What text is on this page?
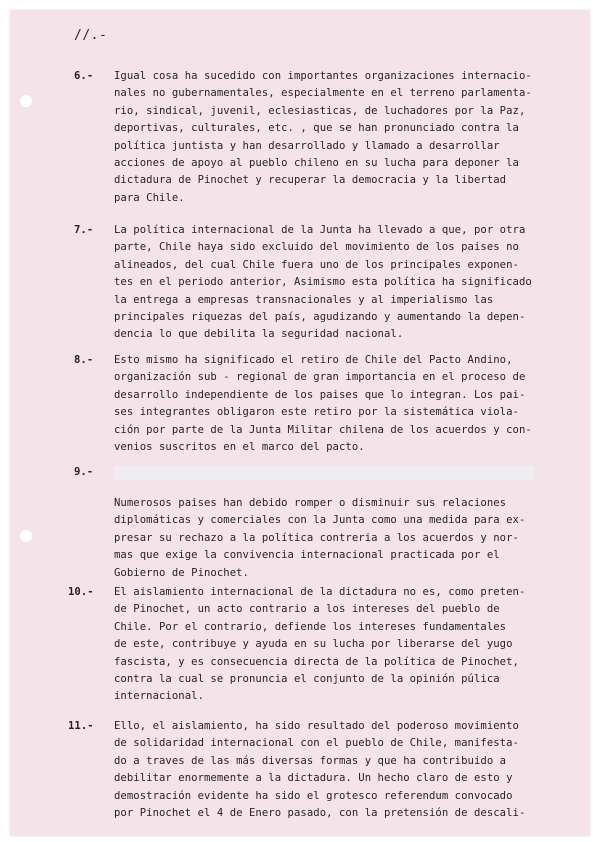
//.-
6.- Igual cosa ha sucedido con importantes organizaciones internacio-
nales no gubernamentales, especialmente en el terreno parlamenta-
rio, sindical, juvenil, eclesiasticas, de luchadores por la Paz,
deportivas, culturales, etc. , que se han pronunciado contra la
política juntista y han desarrollado y llamado a desarrollar
acciones de apoyo al pueblo chileno en su lucha para deponer la
dictadura de Pinochet y recuperar la democracia y la libertad
para Chile.
7.- La política internacional de la Junta ha llevado a que, por otra
parte, Chile haya sido excluido del movimiento de los paises no
alineados, del cual Chile fuera uno de los principales exponen-
tes en el periodo anterior, Asimismo esta política ha significado
la entrega a empresas transnacionales y al imperialismo las
principales riquezas del país, agudizando y aumentando la depen-
dencia lo que debilita la seguridad nacional.
8.- Esto mismo ha significado el retiro de Chile del Pacto Andino,
organización sub - regional de gran importancia en el proceso de
desarrollo independiente de los paises que lo integran. Los pai-
ses integrantes obligaron este retiro por la sistemática viola-
ción por parte de la Junta Militar chilena de los acuerdos y con-
venios suscritos en el marco del pacto.
9.-
Numerosos paises han debido romper o disminuir sus relaciones
diplomáticas y comerciales con la Junta como una medida para ex-
presar su rechazo a la política contreria a los acuerdos y nor-
mas que exige la convivencia internacional practicada por el
Gobierno de Pinochet.
10.- El aislamiento internacional de la dictadura no es, como preten-
de Pinochet, un acto contrario a los intereses del pueblo de
Chile. Por el contrario, defiende los intereses fundamentales
de este, contribuye y ayuda en su lucha por liberarse del yugo
fascista, y es consecuencia directa de la política de Pinochet,
contra la cual se pronuncia el conjunto de la opinión púlica
internacional.
11.- Ello, el aislamiento, ha sido resultado del poderoso movimiento
de solidaridad internacional con el pueblo de Chile, manifesta-
do a traves de las más diversas formas y que ha contribuido a
debilitar enormemente a la dictadura. Un hecho claro de esto y
demostración evidente ha sido el grotesco referendum convocado
por Pinochet el 4 de Enero pasado, con la pretensión de descali-
